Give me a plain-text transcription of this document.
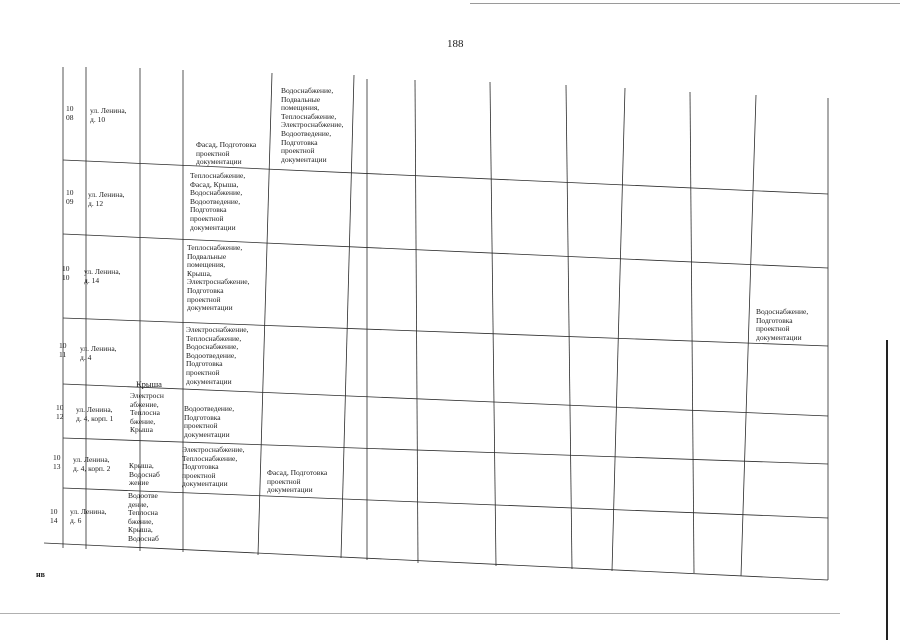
188
10
08
ул. Ленина,
д. 10
Фасад, Подготовка
проектной
документации
Водоснабжение,
Подвальные
помещения,
Теплоснабжение,
Электроснабжение,
Водоотведение,
Подготовка
проектной
документации
10
09
ул. Ленина,
д. 12
Теплоснабжение,
Фасад, Крыша,
Водоснабжение,
Водоотведение,
Подготовка
проектной
документации
10
10
ул. Ленина,
д. 14
Теплоснабжение,
Подвальные
помещения,
Крыша,
Электроснабжение,
Подготовка
проектной
документации
10
11
ул. Ленина,
д. 4
Крыша
Электроснабжение,
Теплоснабжение,
Водоснабжение,
Водоотведение,
Подготовка
проектной
документации
10
12
ул. Ленина,
д. 4, корп. 1
Электросн
абжение,
Теплосна
бжение,
Крыша
Водоотведение,
Подготовка
проектной
документации
10
13
ул. Ленина,
д. 4, корп. 2 Крыша,
Водоснаб
жение
Электроснабжение,
Теплоснабжение,
Подготовка
проектной
документации
Фасад, Подготовка
проектной
документации
10
14
ул. Ленина,
д. 6
Водоотве
дение,
Теплосна
бжение,
Крыша,
Водоснаб
Водоснабжение,
Подготовка
проектной
документации
нв
